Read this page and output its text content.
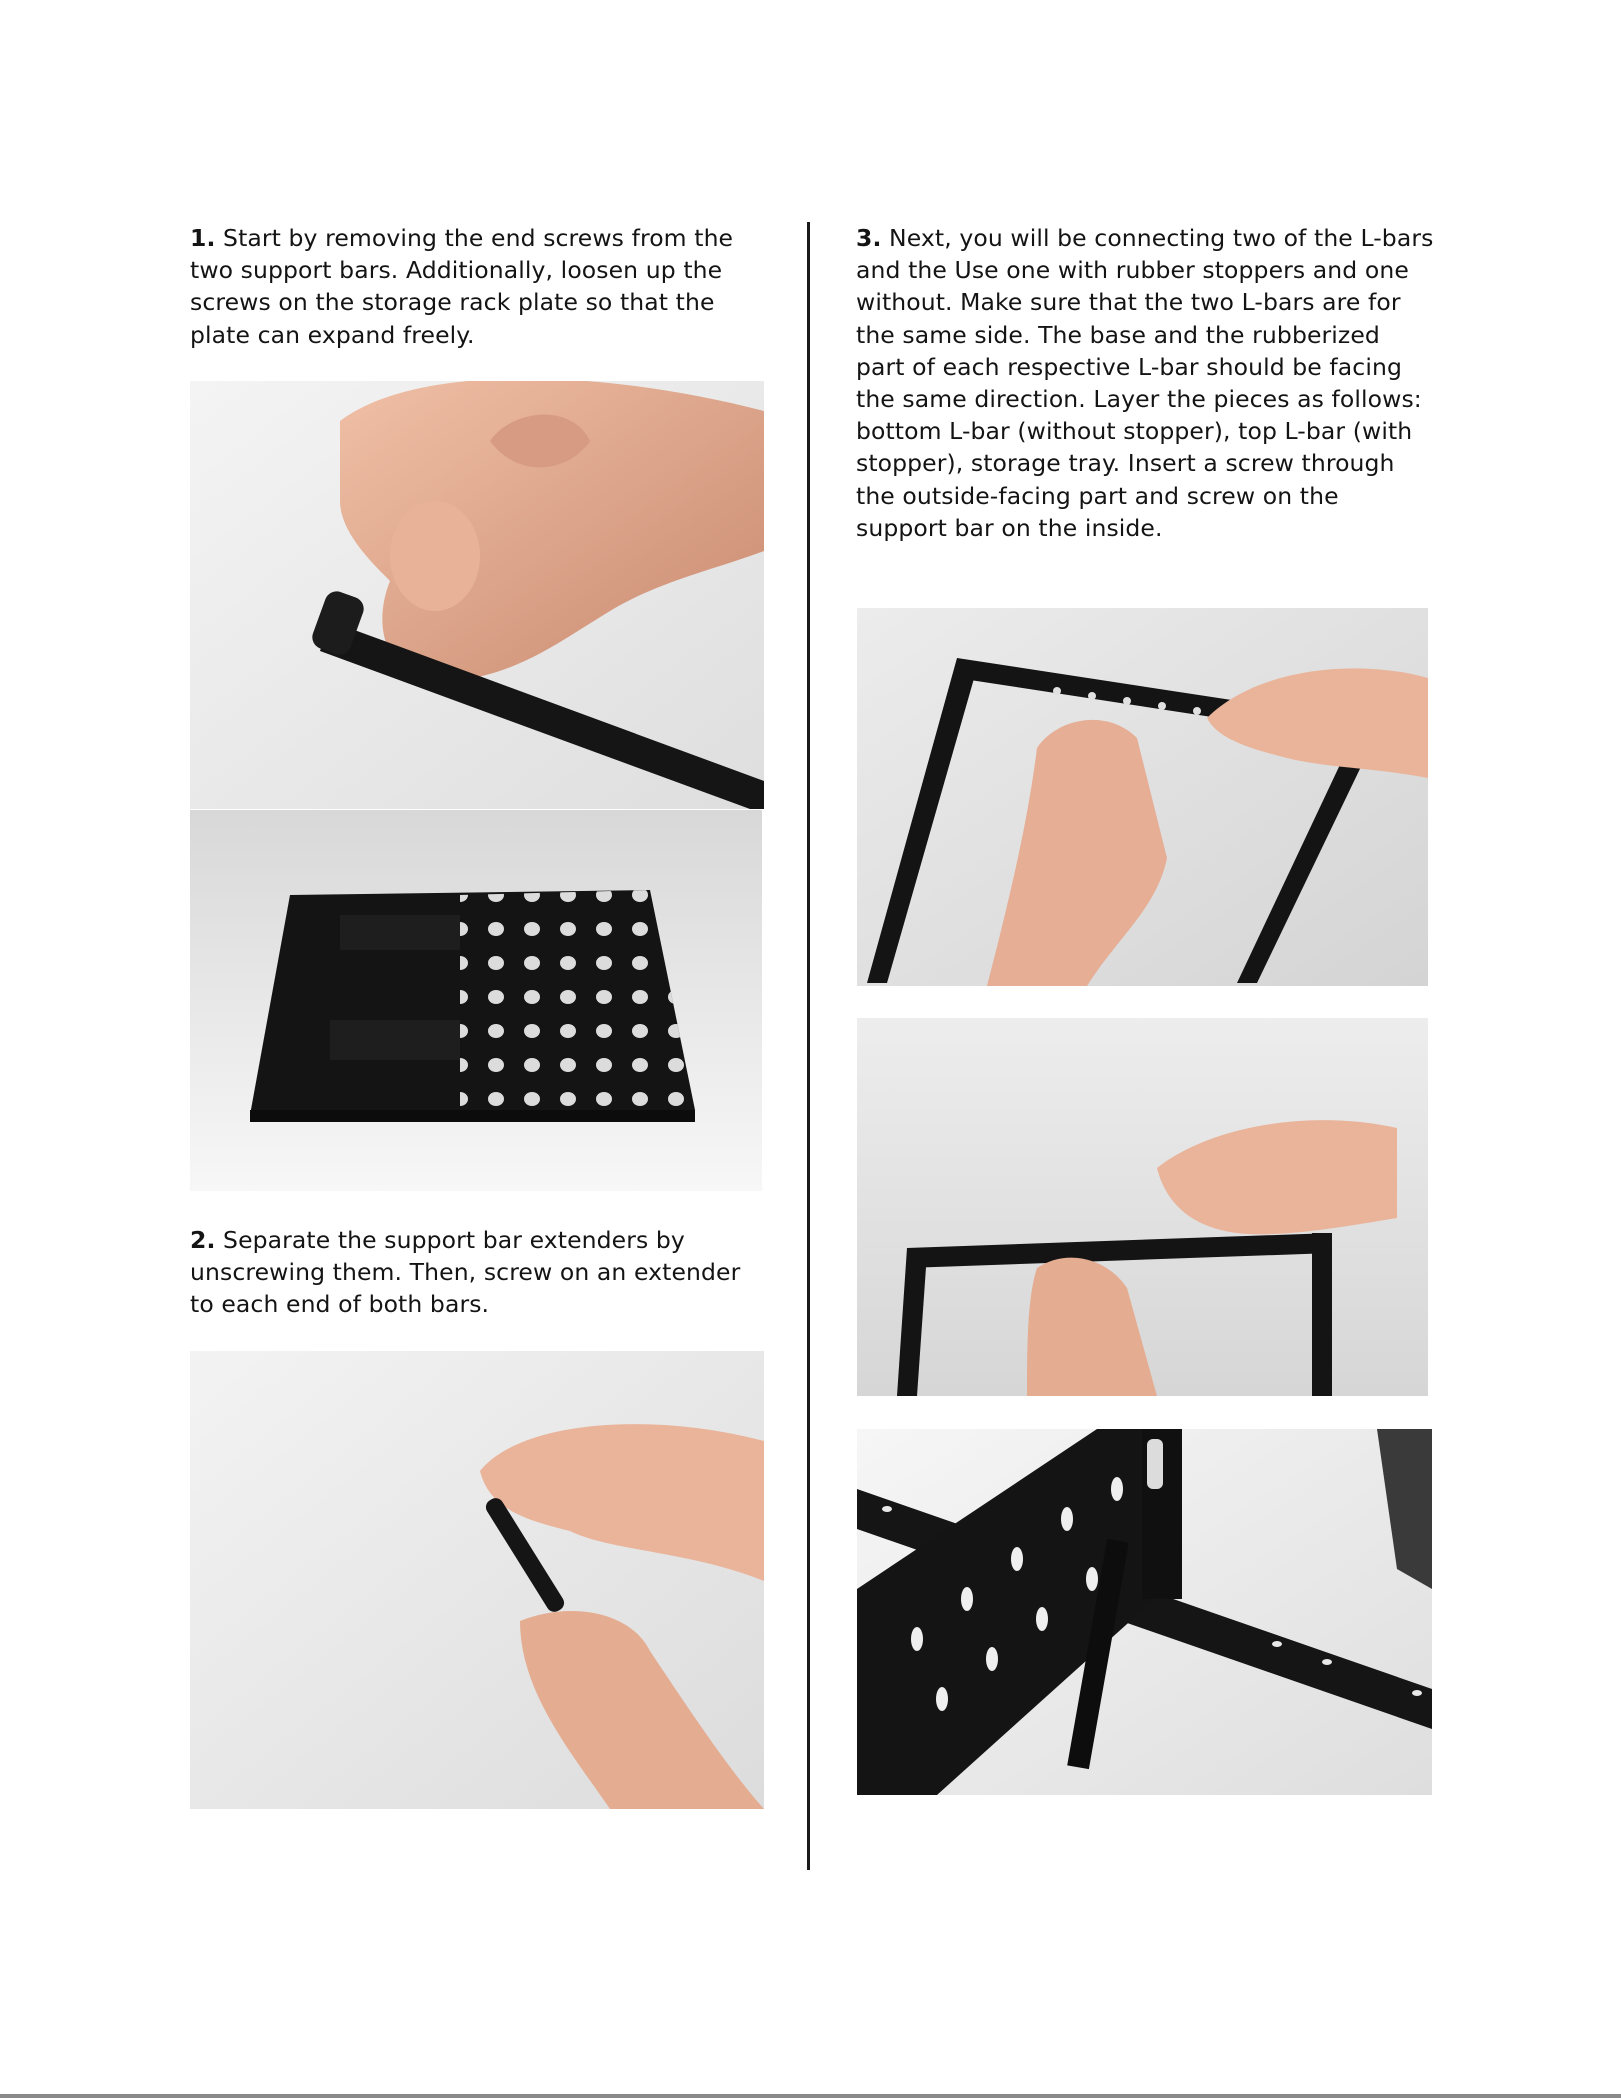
1. Start by removing the end screws from the two support bars. Additionally, loosen up the screws on the storage rack plate so that the plate can expand freely.

2. Separate the support bar extenders by unscrewing them. Then, screw on an extender to each end of both bars.

3. Next, you will be connecting two of the L-bars and the Use one with rubber stoppers and one without. Make sure that the two L-bars are for the same side. The base and the rubberized part of each respective L-bar should be facing the same direction. Layer the pieces as follows: bottom L-bar (without stopper), top L-bar (with stopper), storage tray. Insert a screw through the outside-facing part and screw on the support bar on the inside.
